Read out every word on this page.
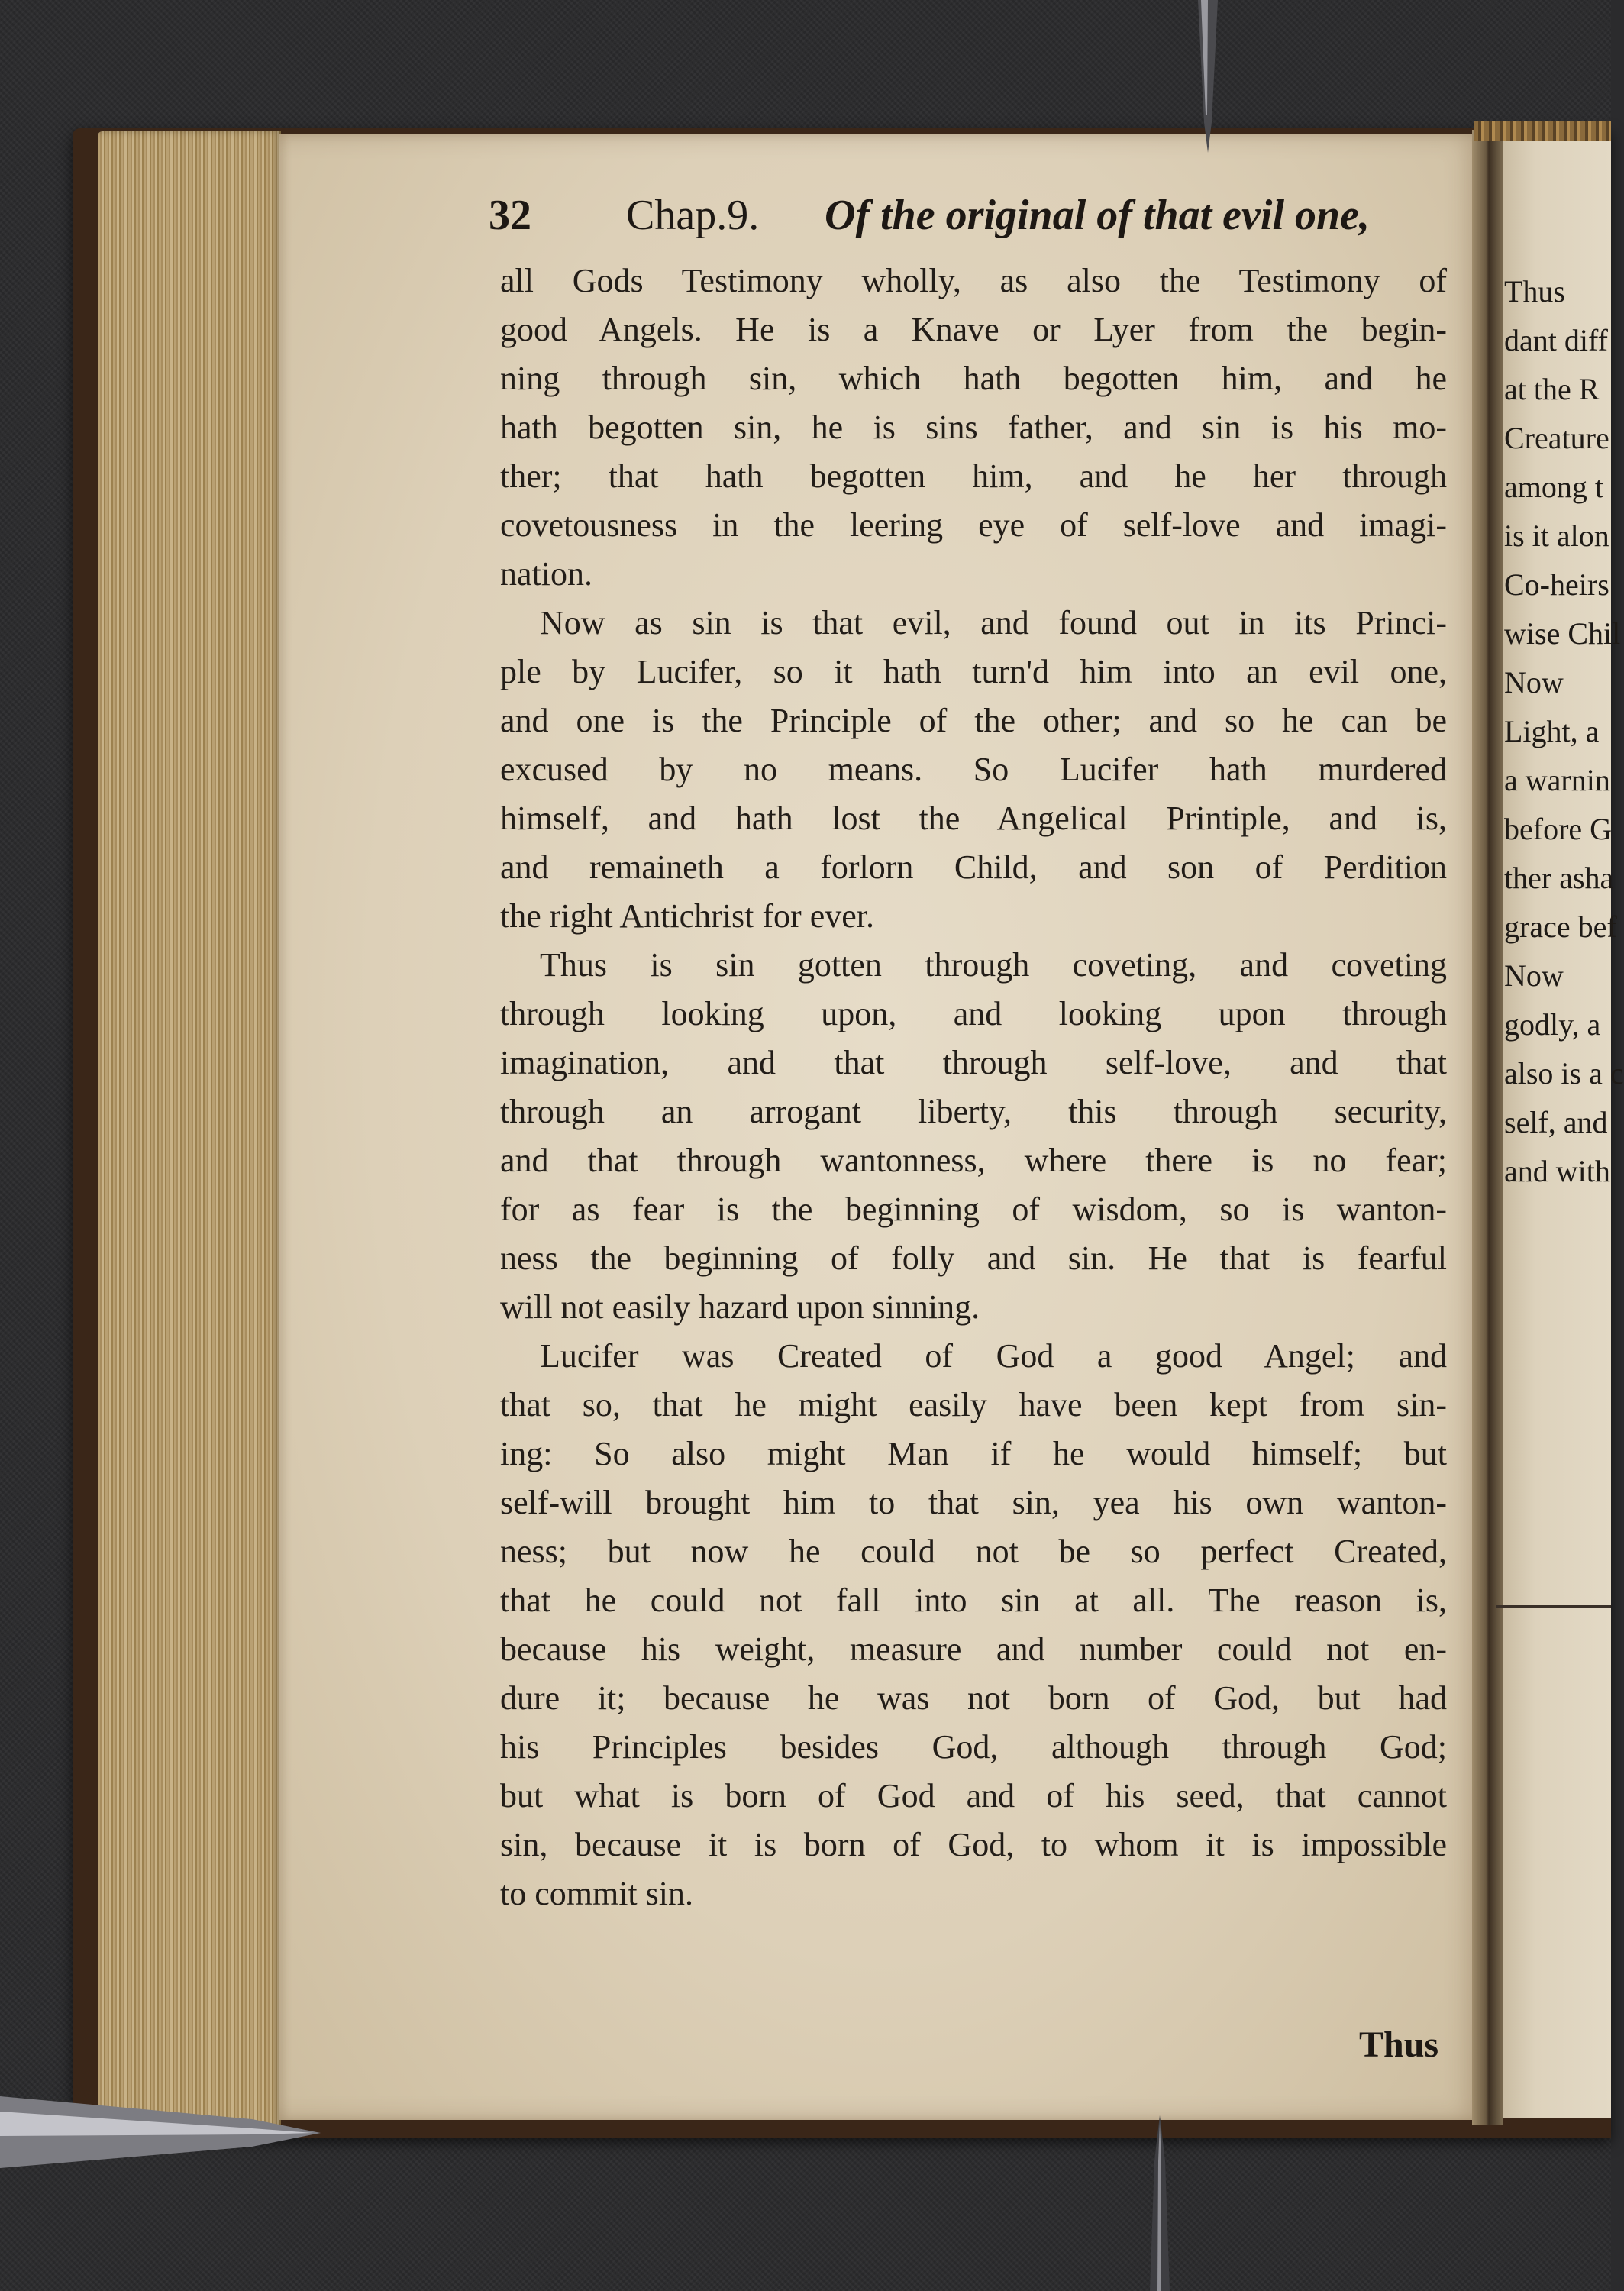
Thus
dant diff
at the R
Creature
among t
is it alon
Co-heirs
wise Chil
Now
Light, a
a warnin
before G
ther asha
grace bef
Now
godly, a
also is a c
self, and
and with
32 Chap.9. Of the original of that evil one,
all Gods Testimony wholly, as also the Testimony of
good Angels. He is a Knave or Lyer from the begin-
ning through sin, which hath begotten him, and he
hath begotten sin, he is sins father, and sin is his mo-
ther; that hath begotten him, and he her through
covetousness in the leering eye of self-love and imagi-
nation.
Now as sin is that evil, and found out in its Princi-
ple by Lucifer, so it hath turn'd him into an evil one,
and one is the Principle of the other; and so he can be
excused by no means. So Lucifer hath murdered
himself, and hath lost the Angelical Printiple, and is,
and remaineth a forlorn Child, and son of Perdition
the right Antichrist for ever.
Thus is sin gotten through coveting, and coveting
through looking upon, and looking upon through
imagination, and that through self-love, and that
through an arrogant liberty, this through security,
and that through wantonness, where there is no fear;
for as fear is the beginning of wisdom, so is wanton-
ness the beginning of folly and sin. He that is fearful
will not easily hazard upon sinning.
Lucifer was Created of God a good Angel; and
that so, that he might easily have been kept from sin-
ing: So also might Man if he would himself; but
self-will brought him to that sin, yea his own wanton-
ness; but now he could not be so perfect Created,
that he could not fall into sin at all. The reason is,
because his weight, measure and number could not en-
dure it; because he was not born of God, but had
his Principles besides God, although through God;
but what is born of God and of his seed, that cannot
sin, because it is born of God, to whom it is impossible
to commit sin.
Thus
